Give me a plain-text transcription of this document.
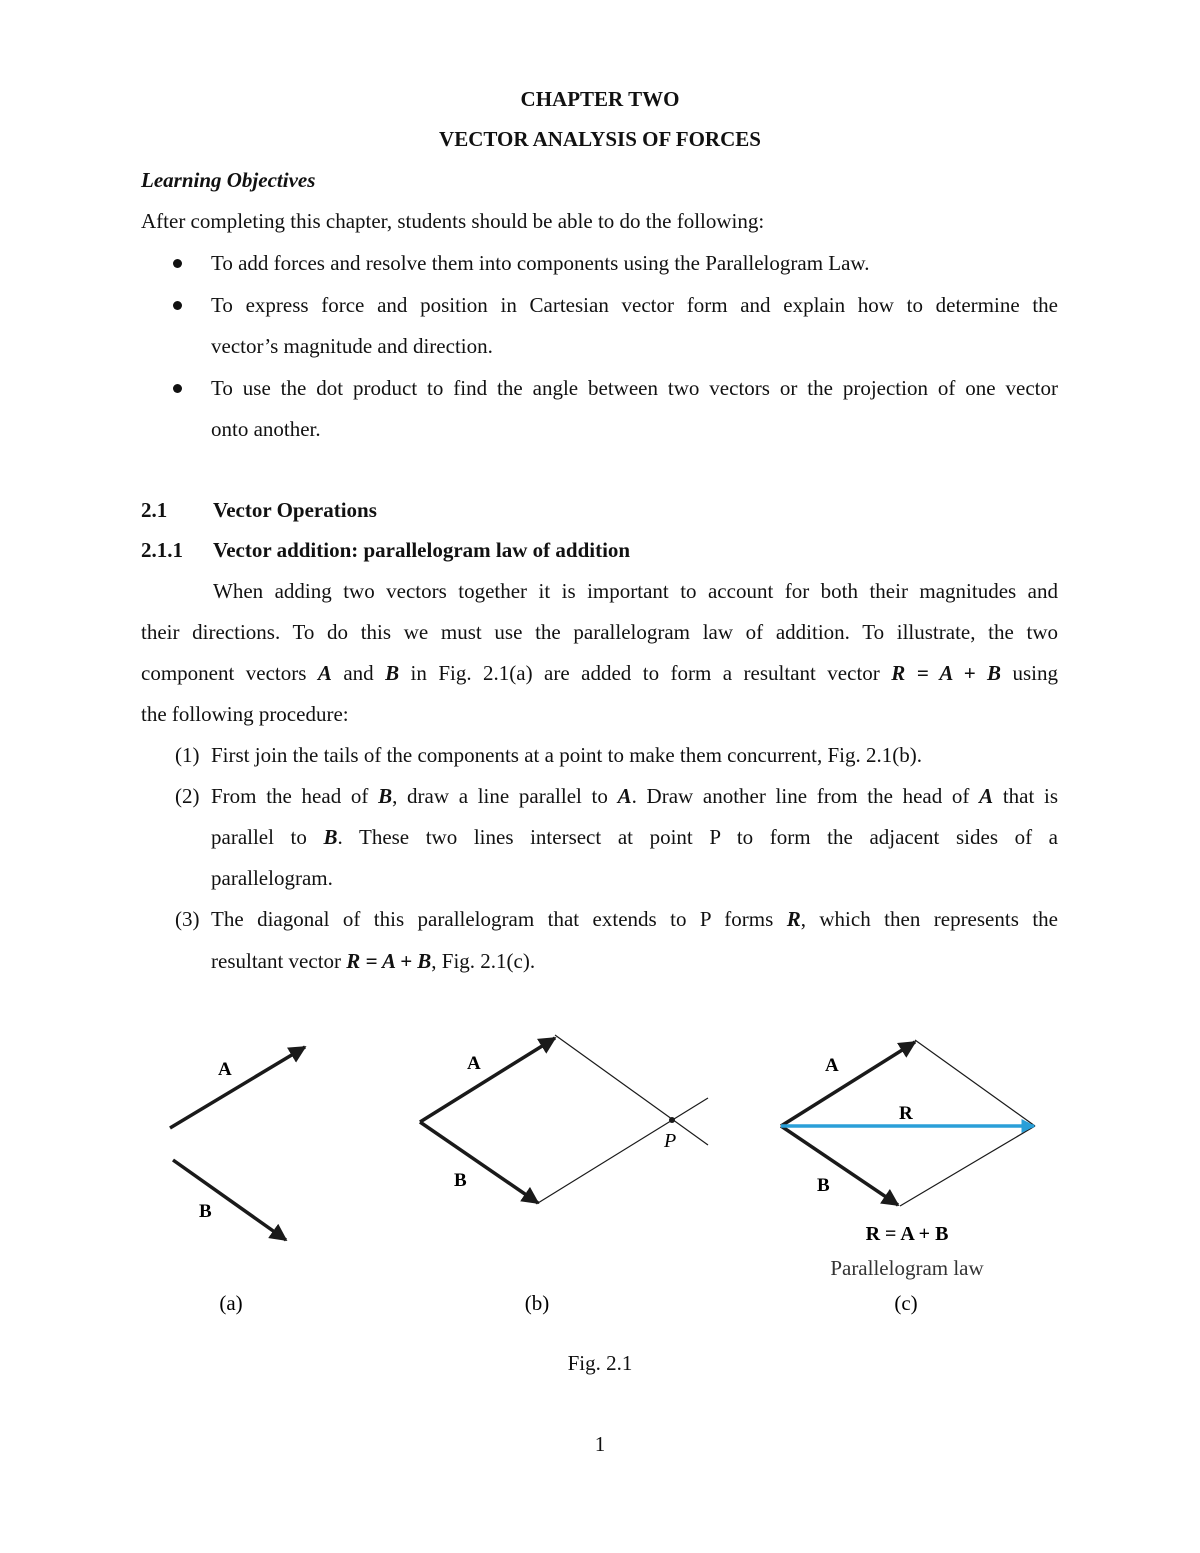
CHAPTER TWO
VECTOR ANALYSIS OF FORCES
Learning Objectives
After completing this chapter, students should be able to do the following:
To add forces and resolve them into components using the Parallelogram Law.
To express force and position in Cartesian vector form and explain how to determine the
vector’s magnitude and direction.
To use the dot product to find the angle between two vectors or the projection of one vector
onto another.
2.1 Vector Operations
2.1.1 Vector addition: parallelogram law of addition
When adding two vectors together it is important to account for both their magnitudes and
their directions. To do this we must use the parallelogram law of addition. To illustrate, the two
component vectors A and B in Fig. 2.1(a) are added to form a resultant vector R = A + B using
the following procedure:
(1) First join the tails of the components at a point to make them concurrent, Fig. 2.1(b).
(2) From the head of B, draw a line parallel to A. Draw another line from the head of A that is
parallel to B. These two lines intersect at point P to form the adjacent sides of a
parallelogram.
(3) The diagonal of this parallelogram that extends to P forms R, which then represents the
resultant vector R = A + B, Fig. 2.1(c).
A
B
(a)
A
B
P
(b)
A
R
B
R = A + B
Parallelogram law
(c)
Fig. 2.1
1
